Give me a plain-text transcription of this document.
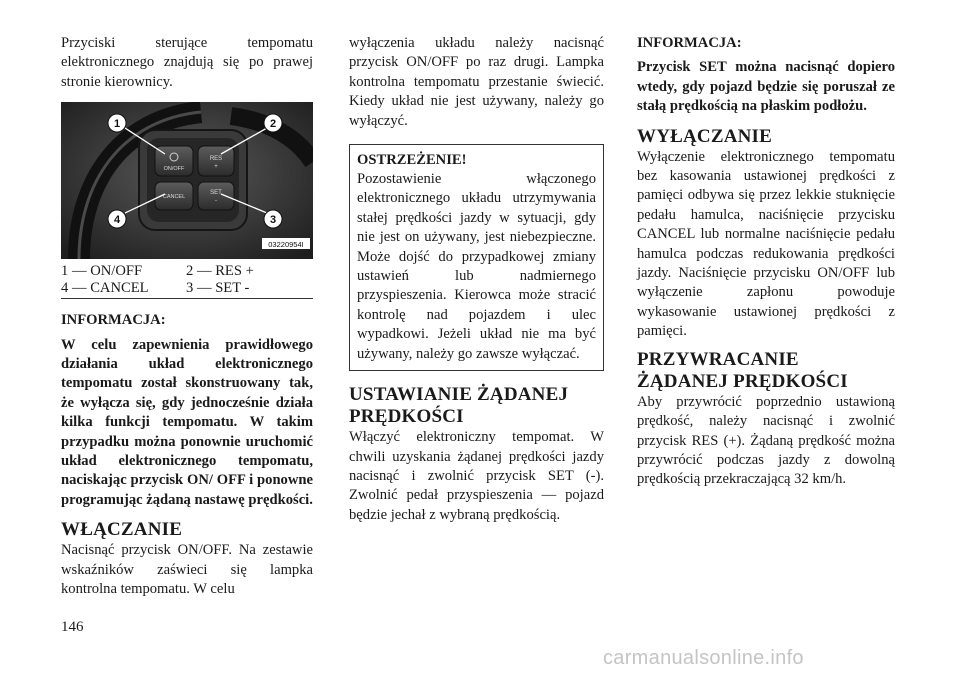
Przyciski sterujące tempomatu elektronicznego znajdują się po prawej stronie kierownicy.

ON/OFF
RES
+
CANCEL
SET
-
1	2
3
4
03220954I
1 — ON/OFF	2 — RES +
4 — CANCEL	3 — SET -
INFORMACJA:

W celu zapewnienia prawidłowego działania układ elektronicznego tempomatu został skonstruowany tak, że wyłącza się, gdy jednocześnie działa kilka funkcji tempomatu. W takim przypadku można ponownie uruchomić układ elektronicznego tempomatu, naciskając przycisk ON/ OFF i ponowne programując żądaną nastawę prędkości.

WŁĄCZANIE

Nacisnąć przycisk ON/OFF. Na zestawie wskaźników zaświeci się lampka kontrolna tempomatu. W celu

wyłączenia układu należy nacisnąć przycisk ON/OFF po raz drugi. Lampka kontrolna tempomatu przestanie świecić. Kiedy układ nie jest używany, należy go wyłączyć.

OSTRZEŻENIE!

Pozostawienie włączonego elektronicznego układu utrzymywania stałej prędkości jazdy w sytuacji, gdy nie jest on używany, jest niebezpieczne. Może dojść do przypadkowej zmiany ustawień lub nadmiernego przyspieszenia. Kierowca może stracić kontrolę nad pojazdem i ulec wypadkowi. Jeżeli układ nie ma być używany, należy go zawsze wyłączać.

USTAWIANIE ŻĄDANEJ
PRĘDKOŚCI

Włączyć elektroniczny tempomat. W chwili uzyskania żądanej prędkości jazdy nacisnąć i zwolnić przycisk SET (-). Zwolnić pedał przyspieszenia — pojazd będzie jechał z wybraną prędkością.

INFORMACJA:

Przycisk SET można nacisnąć dopiero wtedy, gdy pojazd będzie się poruszał ze stałą prędkością na płaskim podłożu.

WYŁĄCZANIE

Wyłączenie elektronicznego tempomatu bez kasowania ustawionej prędkości z pamięci odbywa się przez lekkie stuknięcie pedału hamulca, naciśnięcie przycisku CANCEL lub normalne naciśnięcie pedału hamulca podczas redukowania prędkości jazdy. Naciśnięcie przycisku ON/OFF lub wyłączenie zapłonu powoduje wykasowanie ustawionej prędkości z pamięci.

PRZYWRACANIE
ŻĄDANEJ PRĘDKOŚCI

Aby przywrócić poprzednio ustawioną prędkość, należy nacisnąć i zwolnić przycisk RES (+). Żądaną prędkość można przywrócić podczas jazdy z dowolną prędkością przekraczającą 32 km/h.

146
carmanualsonline.info
